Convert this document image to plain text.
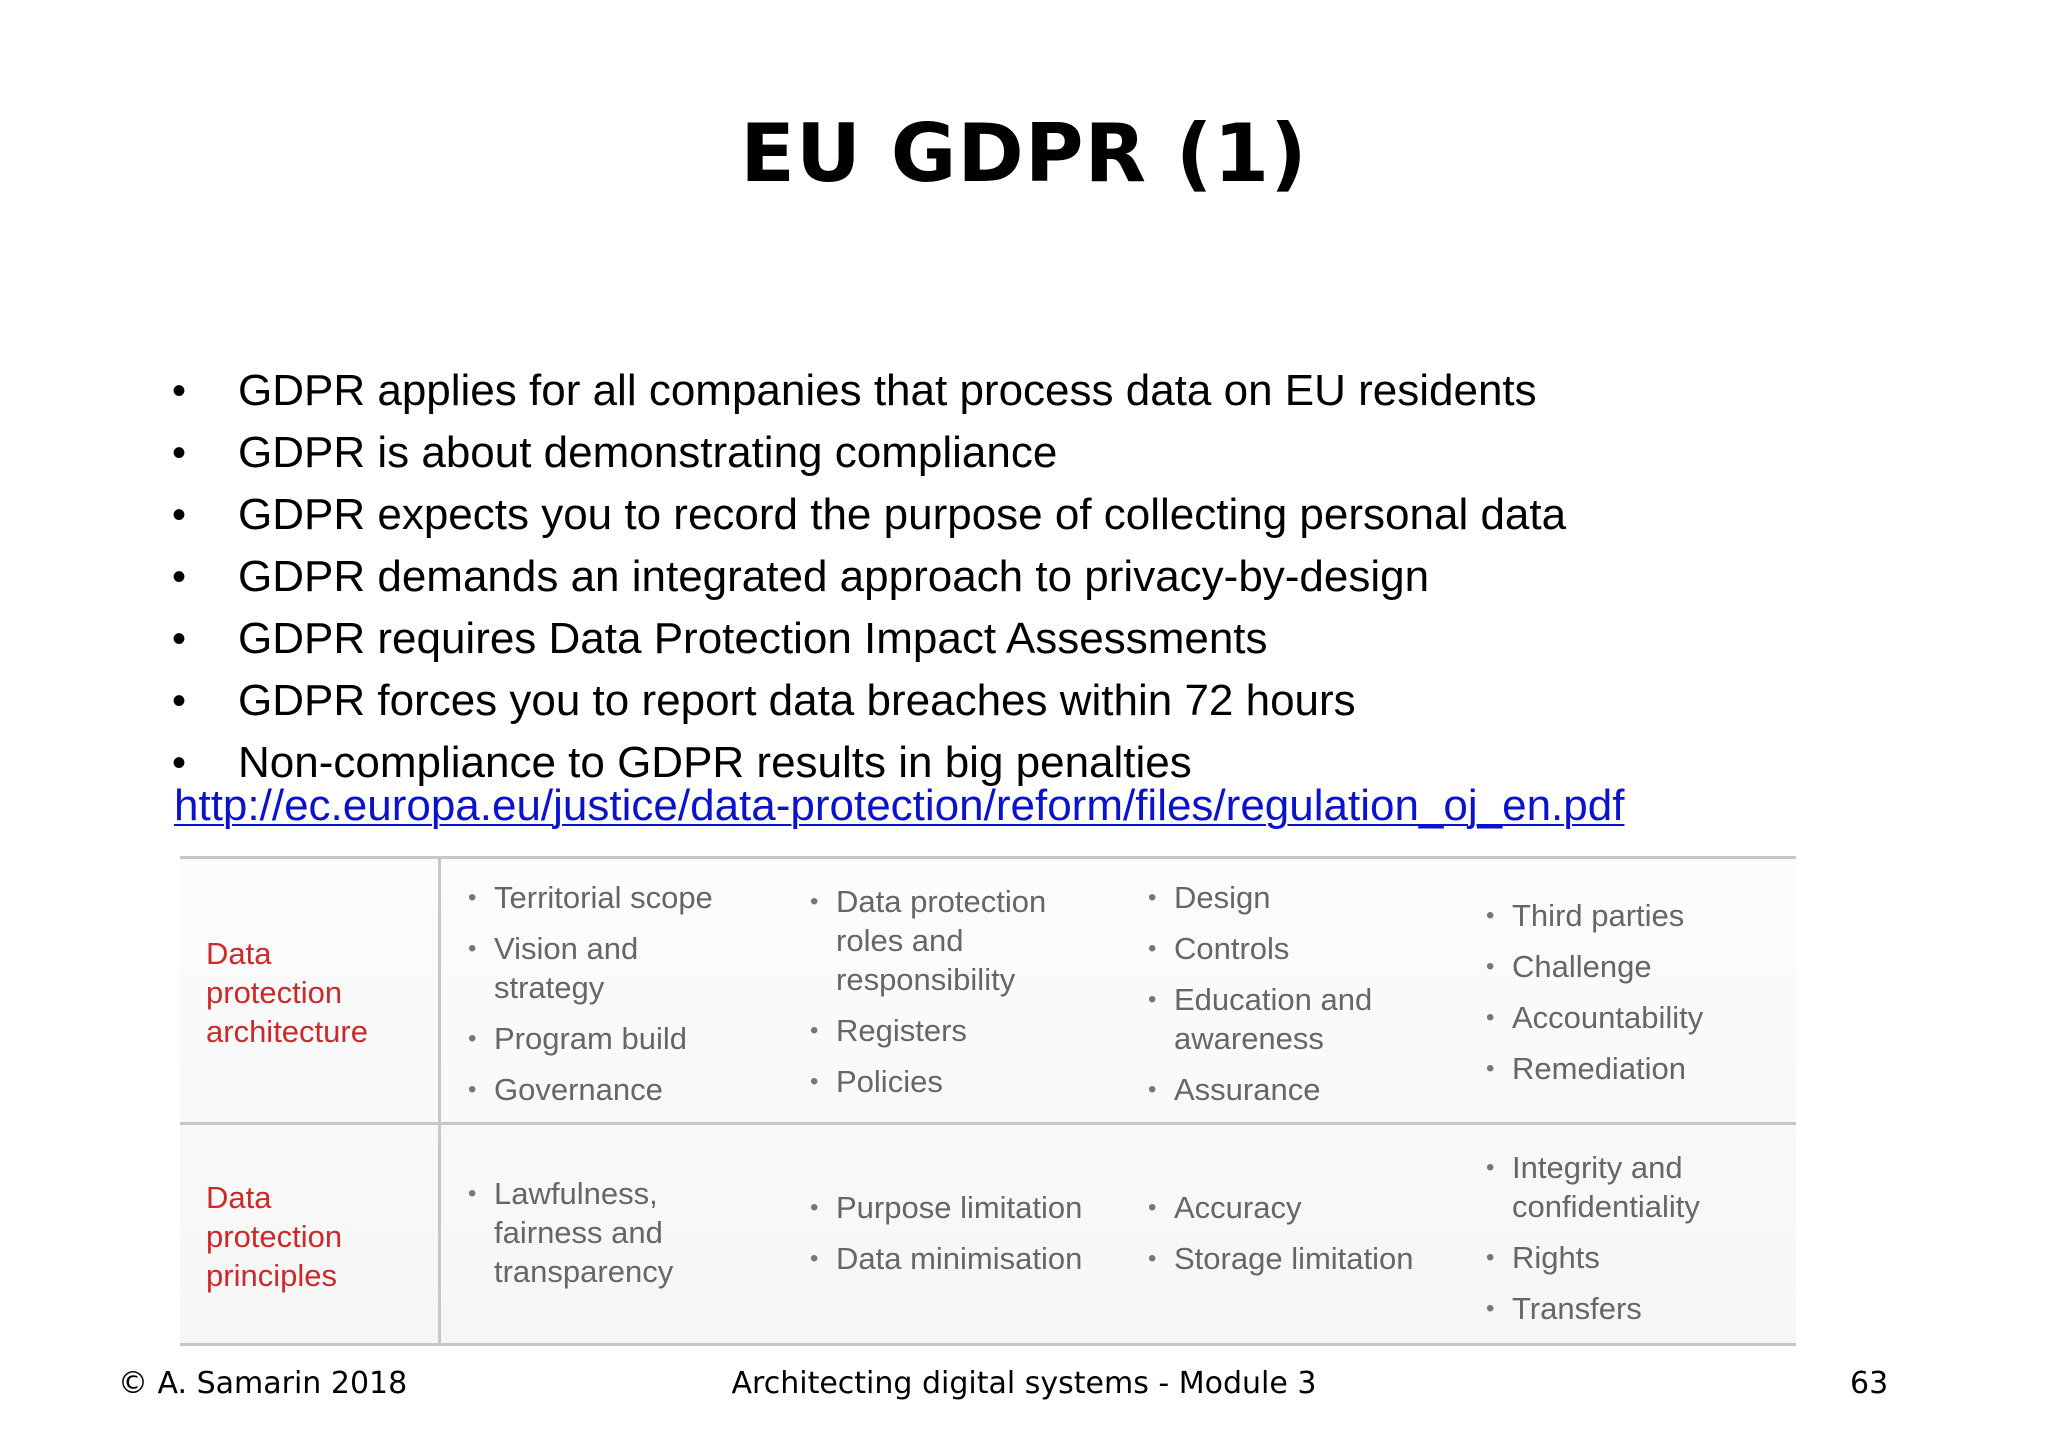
EU GDPR (1)
• GDPR applies for all companies that process data on EU residents
• GDPR is about demonstrating compliance
• GDPR expects you to record the purpose of collecting personal data
• GDPR demands an integrated approach to privacy-by-design
• GDPR requires Data Protection Impact Assessments
• GDPR forces you to report data breaches within 72 hours
• Non-compliance to GDPR results in big penalties
http://ec.europa.eu/justice/data-protection/reform/files/regulation_oj_en.pdf

Data
protection
architecture

• Territorial scope
• Vision and
strategy
• Program build
• Governance
• Data protection
roles and
responsibility
• Registers
• Policies
• Design
• Controls
• Education and
awareness
• Assurance
• Third parties
• Challenge
• Accountability
• Remediation

Data
protection
principles

• Lawfulness,
fairness and
transparency
• Purpose limitation
• Data minimisation
• Accuracy
• Storage limitation
• Integrity and
confidentiality
• Rights
• Transfers
© A. Samarin 2018	Architecting digital systems - Module 3	63
